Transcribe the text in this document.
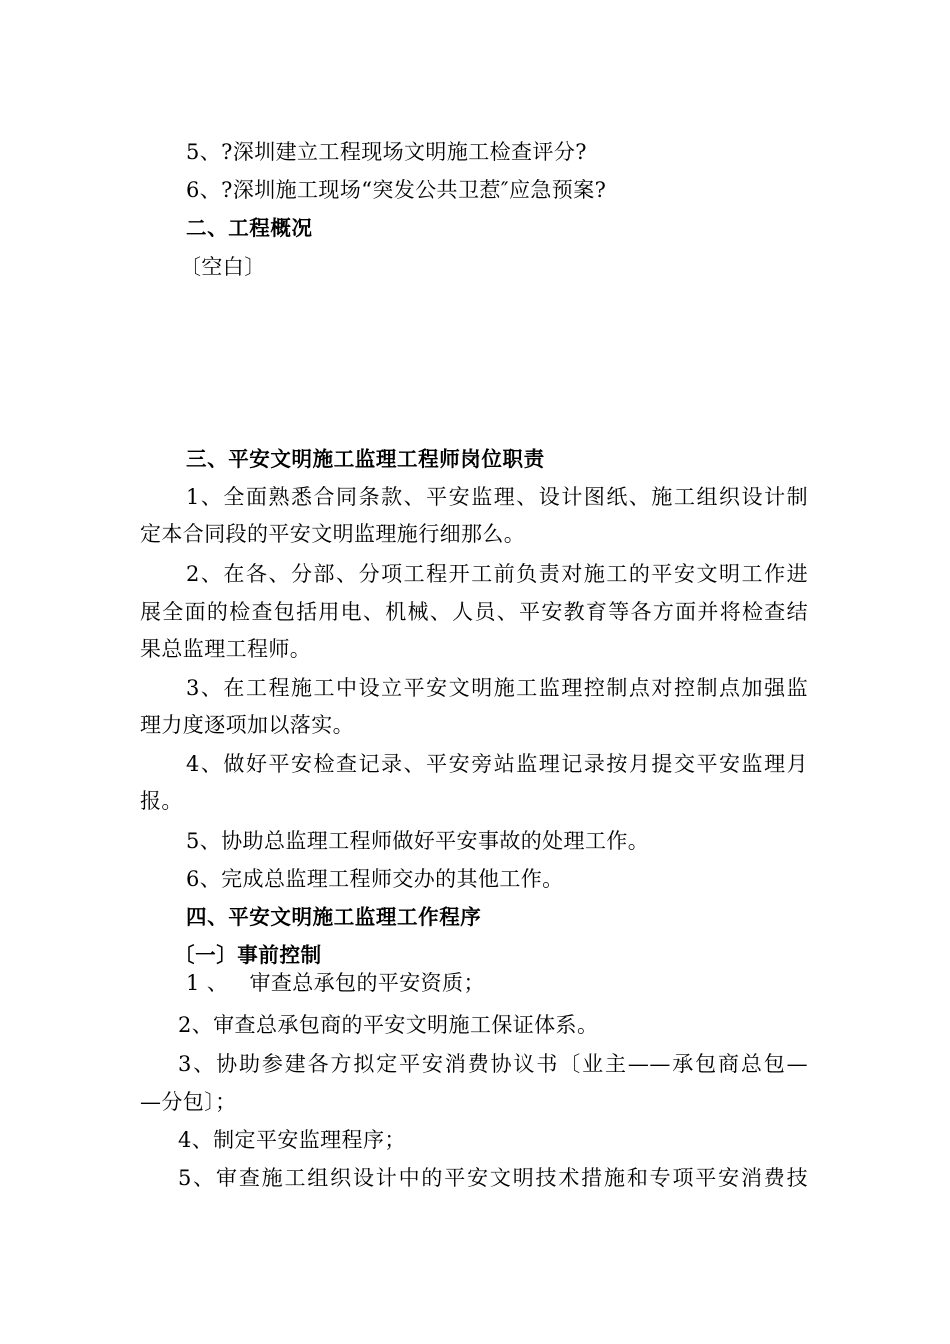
5、?深圳建立工程现场文明施工检查评分?
6、?深圳施工现场“突发公共卫惹″应急预案?
二、工程概况
〔空白〕
三、平安文明施工监理工程师岗位职责
1、全面熟悉合同条款、平安监理、设计图纸、施工组织设计制
定本合同段的平安文明监理施行细那么。
2、在各、分部、分项工程开工前负责对施工的平安文明工作进
展全面的检查包括用电、机械、人员、平安教育等各方面并将检查结
果总监理工程师。
3、在工程施工中设立平安文明施工监理控制点对控制点加强监
理力度逐项加以落实。
4、做好平安检查记录、平安旁站监理记录按月提交平安监理月
报。
5、协助总监理工程师做好平安事故的处理工作。
6、完成总监理工程师交办的其他工作。
四、平安文明施工监理工作程序
〔一〕事前控制
1 、   审查总承包的平安资质；
2、审查总承包商的平安文明施工保证体系。
3、协助参建各方拟定平安消费协议书〔业主——承包商总包—
—分包〕；
4、制定平安监理程序；
5、审查施工组织设计中的平安文明技术措施和专项平安消费技
